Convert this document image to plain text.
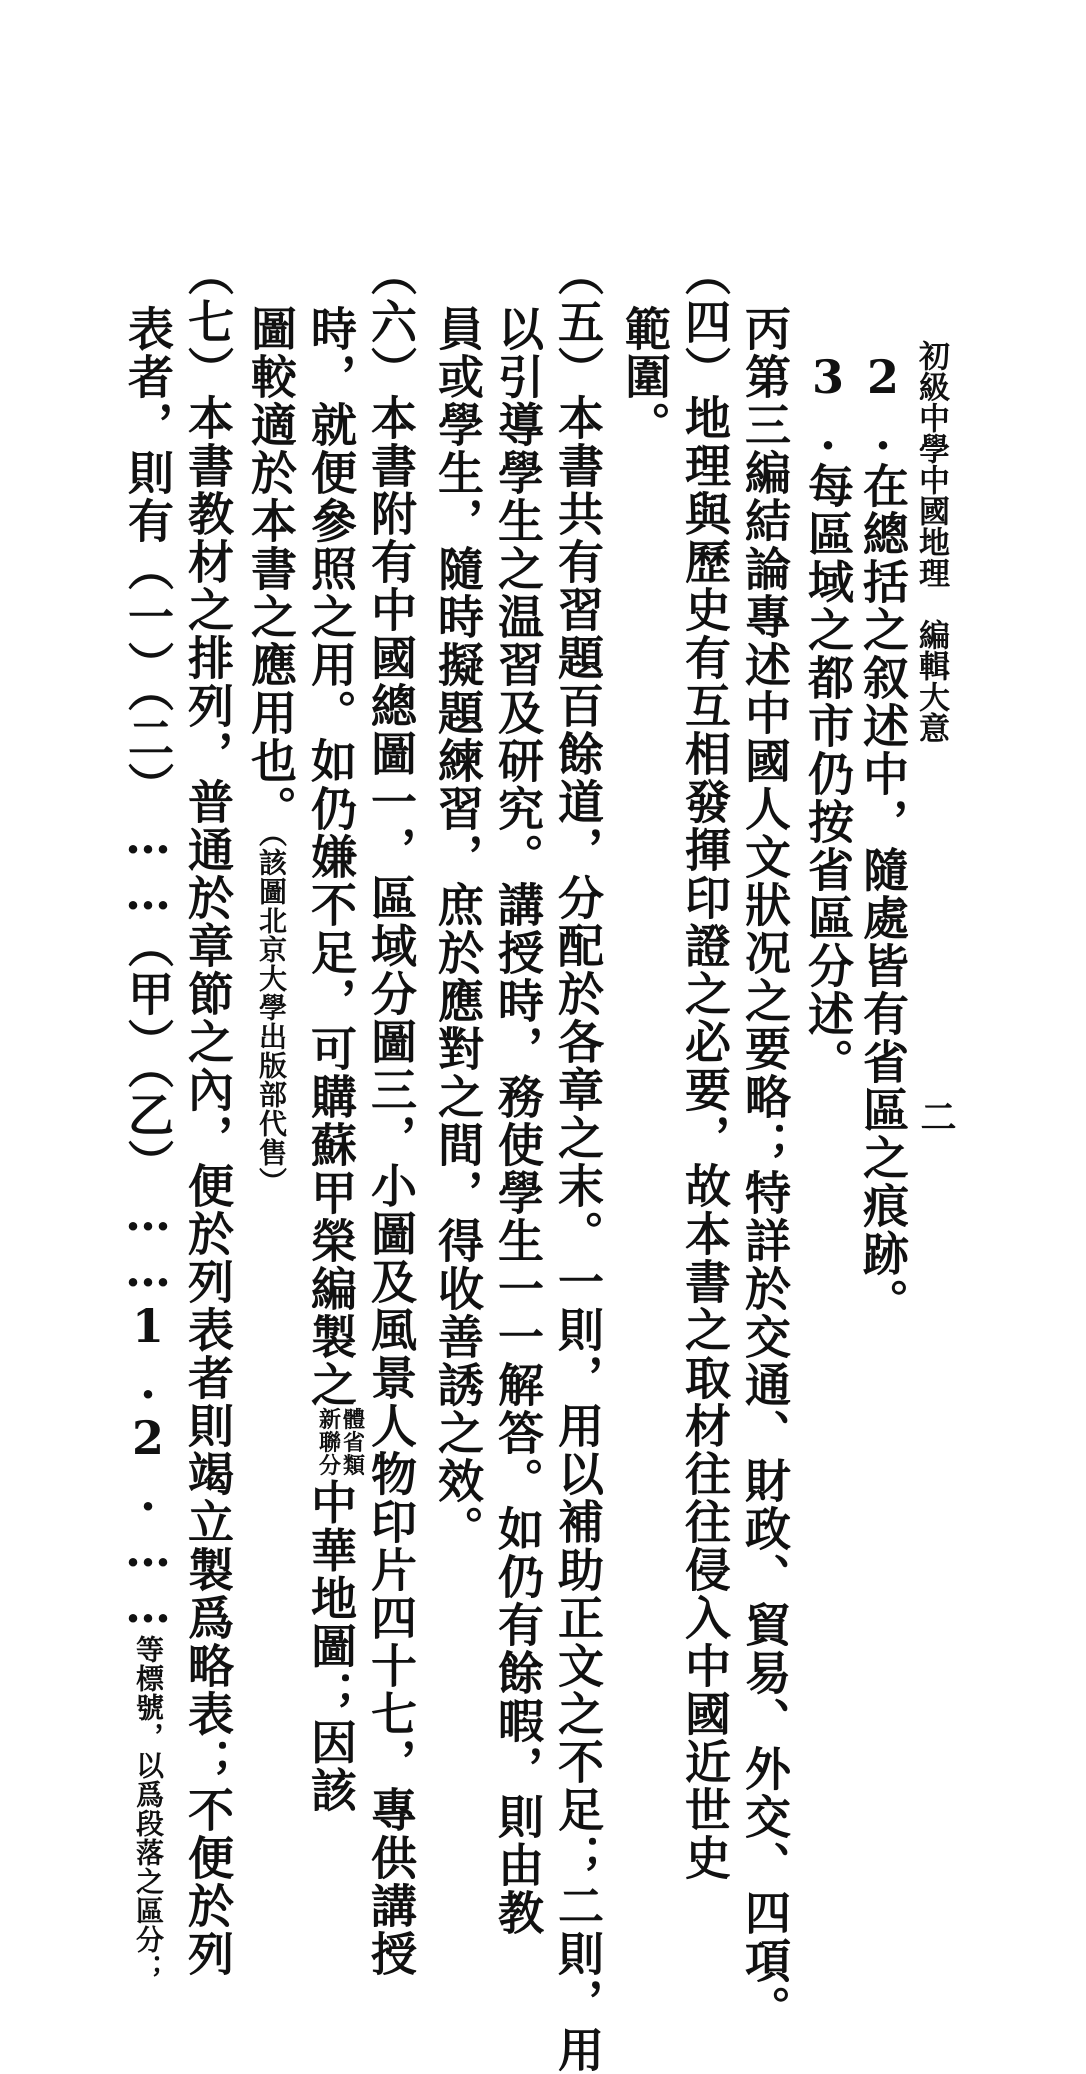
初級中學中國地理　編輯大意
二
2.在總括之叙述中，隨處皆有省區之痕跡。
3.每區域之都市仍按省區分述。
丙第三編結論專述中國人文狀况之要略；特詳於交通、財政、貿易、外交、四項。
（四）地理與歷史有互相發揮印證之必要，故本書之取材往往侵入中國近世史
範圍。
（五）本書共有習題百餘道，分配於各章之末。一則，用以補助正文之不足；二則，用
以引導學生之温習及研究。講授時，務使學生一一解答。如仍有餘暇，則由教
員或學生，隨時擬題練習，庶於應對之間，得收善誘之效。
（六）本書附有中國總圖一，區域分圖三，小圖及風景人物印片四十七，專供講授
時，就便參照之用。如仍嫌不足，可購蘇甲榮編製之新體
聯省分類中華地圖；因該
圖較適於本書之應用也。（該圖北京大學出版部代售）
（七）本書教材之排列，普通於章節之內，便於列表者則竭立製爲略表；不便於列
表者，則有（一）（二）……（甲）（乙）……1.2.……等標號，以爲段落之區分；
